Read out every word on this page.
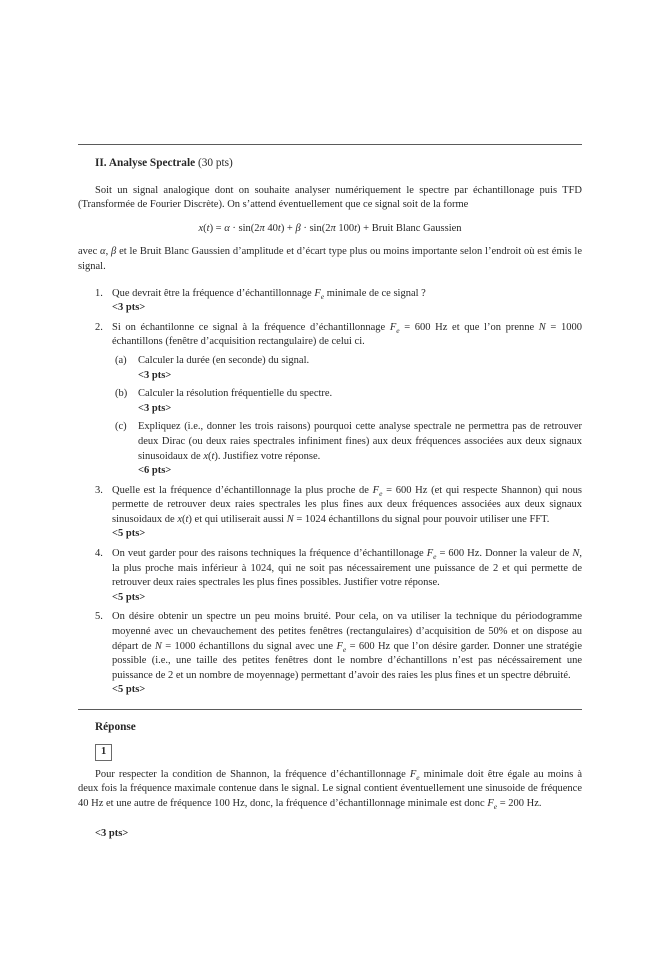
II. Analyse Spectrale (30 pts)

Soit un signal analogique dont on souhaite analyser numériquement le spectre par échantillonage puis TFD (Transformée de Fourier Discrète). On s’attend éventuellement que ce signal soit de la forme

x(t) = α · sin(2π 40t) + β · sin(2π 100t) + Bruit Blanc Gaussien

avec α, β et le Bruit Blanc Gaussien d’amplitude et d’écart type plus ou moins importante selon l’endroit où est émis le signal.

1. Que devrait être la fréquence d’échantillonnage $F_e$ minimale de ce signal ?
<3 pts>
2. Si on échantilonne ce signal à la fréquence d’échantillonnage $F_e = 600$ Hz et que l’on prenne N = 1000 échantillons (fenêtre d’acquisition rectangulaire) de celui ci.
(a) Calculer la durée (en seconde) du signal.
<3 pts>
(b) Calculer la résolution fréquentielle du spectre.
<3 pts>
(c) Expliquez (i.e., donner les trois raisons) pourquoi cette analyse spectrale ne permettra pas de retrouver deux Dirac (ou deux raies spectrales infiniment fines) aux deux fréquences associées aux deux signaux sinusoidaux de x(t). Justifiez votre réponse.
<6 pts>
3. Quelle est la fréquence d’échantillonnage la plus proche de $F_e = 600$ Hz (et qui respecte Shannon) qui nous permette de retrouver deux raies spectrales les plus fines aux deux fréquences associées aux deux signaux sinusoidaux de x(t) et qui utiliserait aussi N = 1024 échantillons du signal pour pouvoir utiliser une FFT.
<5 pts>
4. On veut garder pour des raisons techniques la fréquence d’échantillonage $F_e = 600$ Hz. Donner la valeur de N, la plus proche mais inférieur à 1024, qui ne soit pas nécessairement une puissance de 2 et qui permette de retrouver deux raies spectrales les plus fines possibles. Justifier votre réponse.
<5 pts>
5. On désire obtenir un spectre un peu moins bruité. Pour cela, on va utiliser la technique du périodogramme moyenné avec un chevauchement des petites fenêtres (rectangulaires) d’acquisition de 50% et on dispose au départ de N = 1000 échantillons du signal avec une $F_e = 600$ Hz que l’on désire garder. Donner une stratégie possible (i.e., une taille des petites fenêtres dont le nombre d’échantillons n’est pas nécéssairement une puissance de 2 et un nombre de moyennage) permettant d’avoir des raies les plus fines et un spectre débruité.
<5 pts>
Réponse
1

Pour respecter la condition de Shannon, la fréquence d’échantillonnage $F_e$ minimale doit être égale au moins à deux fois la fréquence maximale contenue dans le signal. Le signal contient éventuellement une sinusoide de fréquence 40 Hz et une autre de fréquence 100 Hz, donc, la fréquence d’échantillonnage minimale est donc $F_e = 200$ Hz.

<3 pts>
